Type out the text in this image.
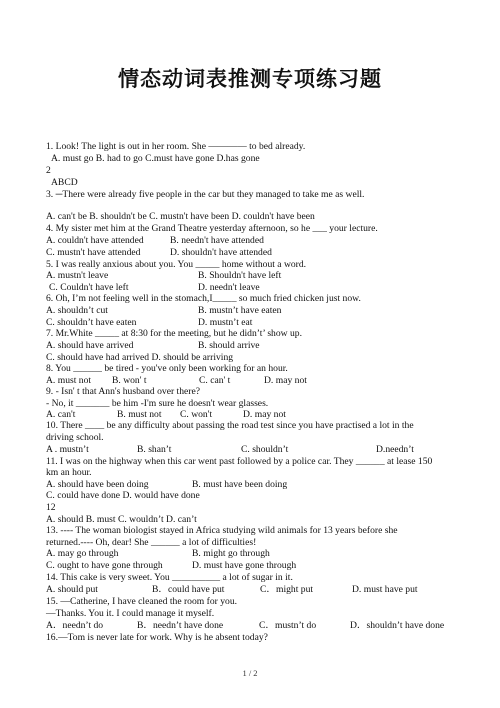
情态动词表推测专项练习题
1. Look! The light is out in her room. She ———— to bed already.
A. must go B. had to go C.must have gone D.has gone
2
ABCD
3. ─There were already five people in the car but they managed to take me as well.
A. can't be B. shouldn't be C. mustn't have been D. couldn't have been
4. My sister met him at the Grand Theatre yesterday afternoon, so he ___ your lecture.
A. couldn't have attended	B. needn't have attended
C. mustn't have attended	D. shouldn't have attended
5. I was really anxious about you. You _____ home without a word.
A. mustn't leave	B. Shouldn't have left
C. Couldn't have left	D. needn't leave
6. Oh, I’m not feeling well in the stomach,I_____ so much fried chicken just now.
A. shouldn’t cut	B. mustn’t have eaten
C. shouldn’t have eaten	D. mustn’t eat
7. Mr.White _____ at 8:30 for the meeting, but he didn’t’ show up.
A. should have arrived	B. should arrive
C. should have had arrived D. should be arriving
8. You ______ be tired - you've only been working for an hour.
A. must not B. won' t	C. can' t	D. may not
9. - Isn' t that Ann's husband over there?
- No, it _______ be him -I'm sure he doesn't wear glasses.
A. can't	B. must not C. won't	D. may not
10. There ____ be any difficulty about passing the road test since you have practised a lot in the
driving school.
A . mustn’t	B. shan’t	C. shouldn’t	D.needn’t
11. I was on the highway when this car went past followed by a police car. They ______ at lease 150
km an hour.
A. should have been doing	B. must have been doing
C. could have done D. would have done
12
A. should B. must C. wouldn’t D. can’t
13. ---- The woman biologist stayed in Africa studying wild animals for 13 years before she
returned.---- Oh, dear! She ______ a lot of difficulties!
A. may go through	B. might go through
C. ought to have gone through	D. must have gone through
14. This cake is very sweet. You __________ a lot of sugar in it.
A. should put	B．could have put	C．might put	D. must have put
15. —Catherine, I have cleaned the room for you.
—Thanks. You it. I could manage it myself.
A．needn’t do	B．needn’t have done	C．mustn’t do	D．shouldn’t have done
16.—Tom is never late for work. Why is he absent today?
1 / 2
